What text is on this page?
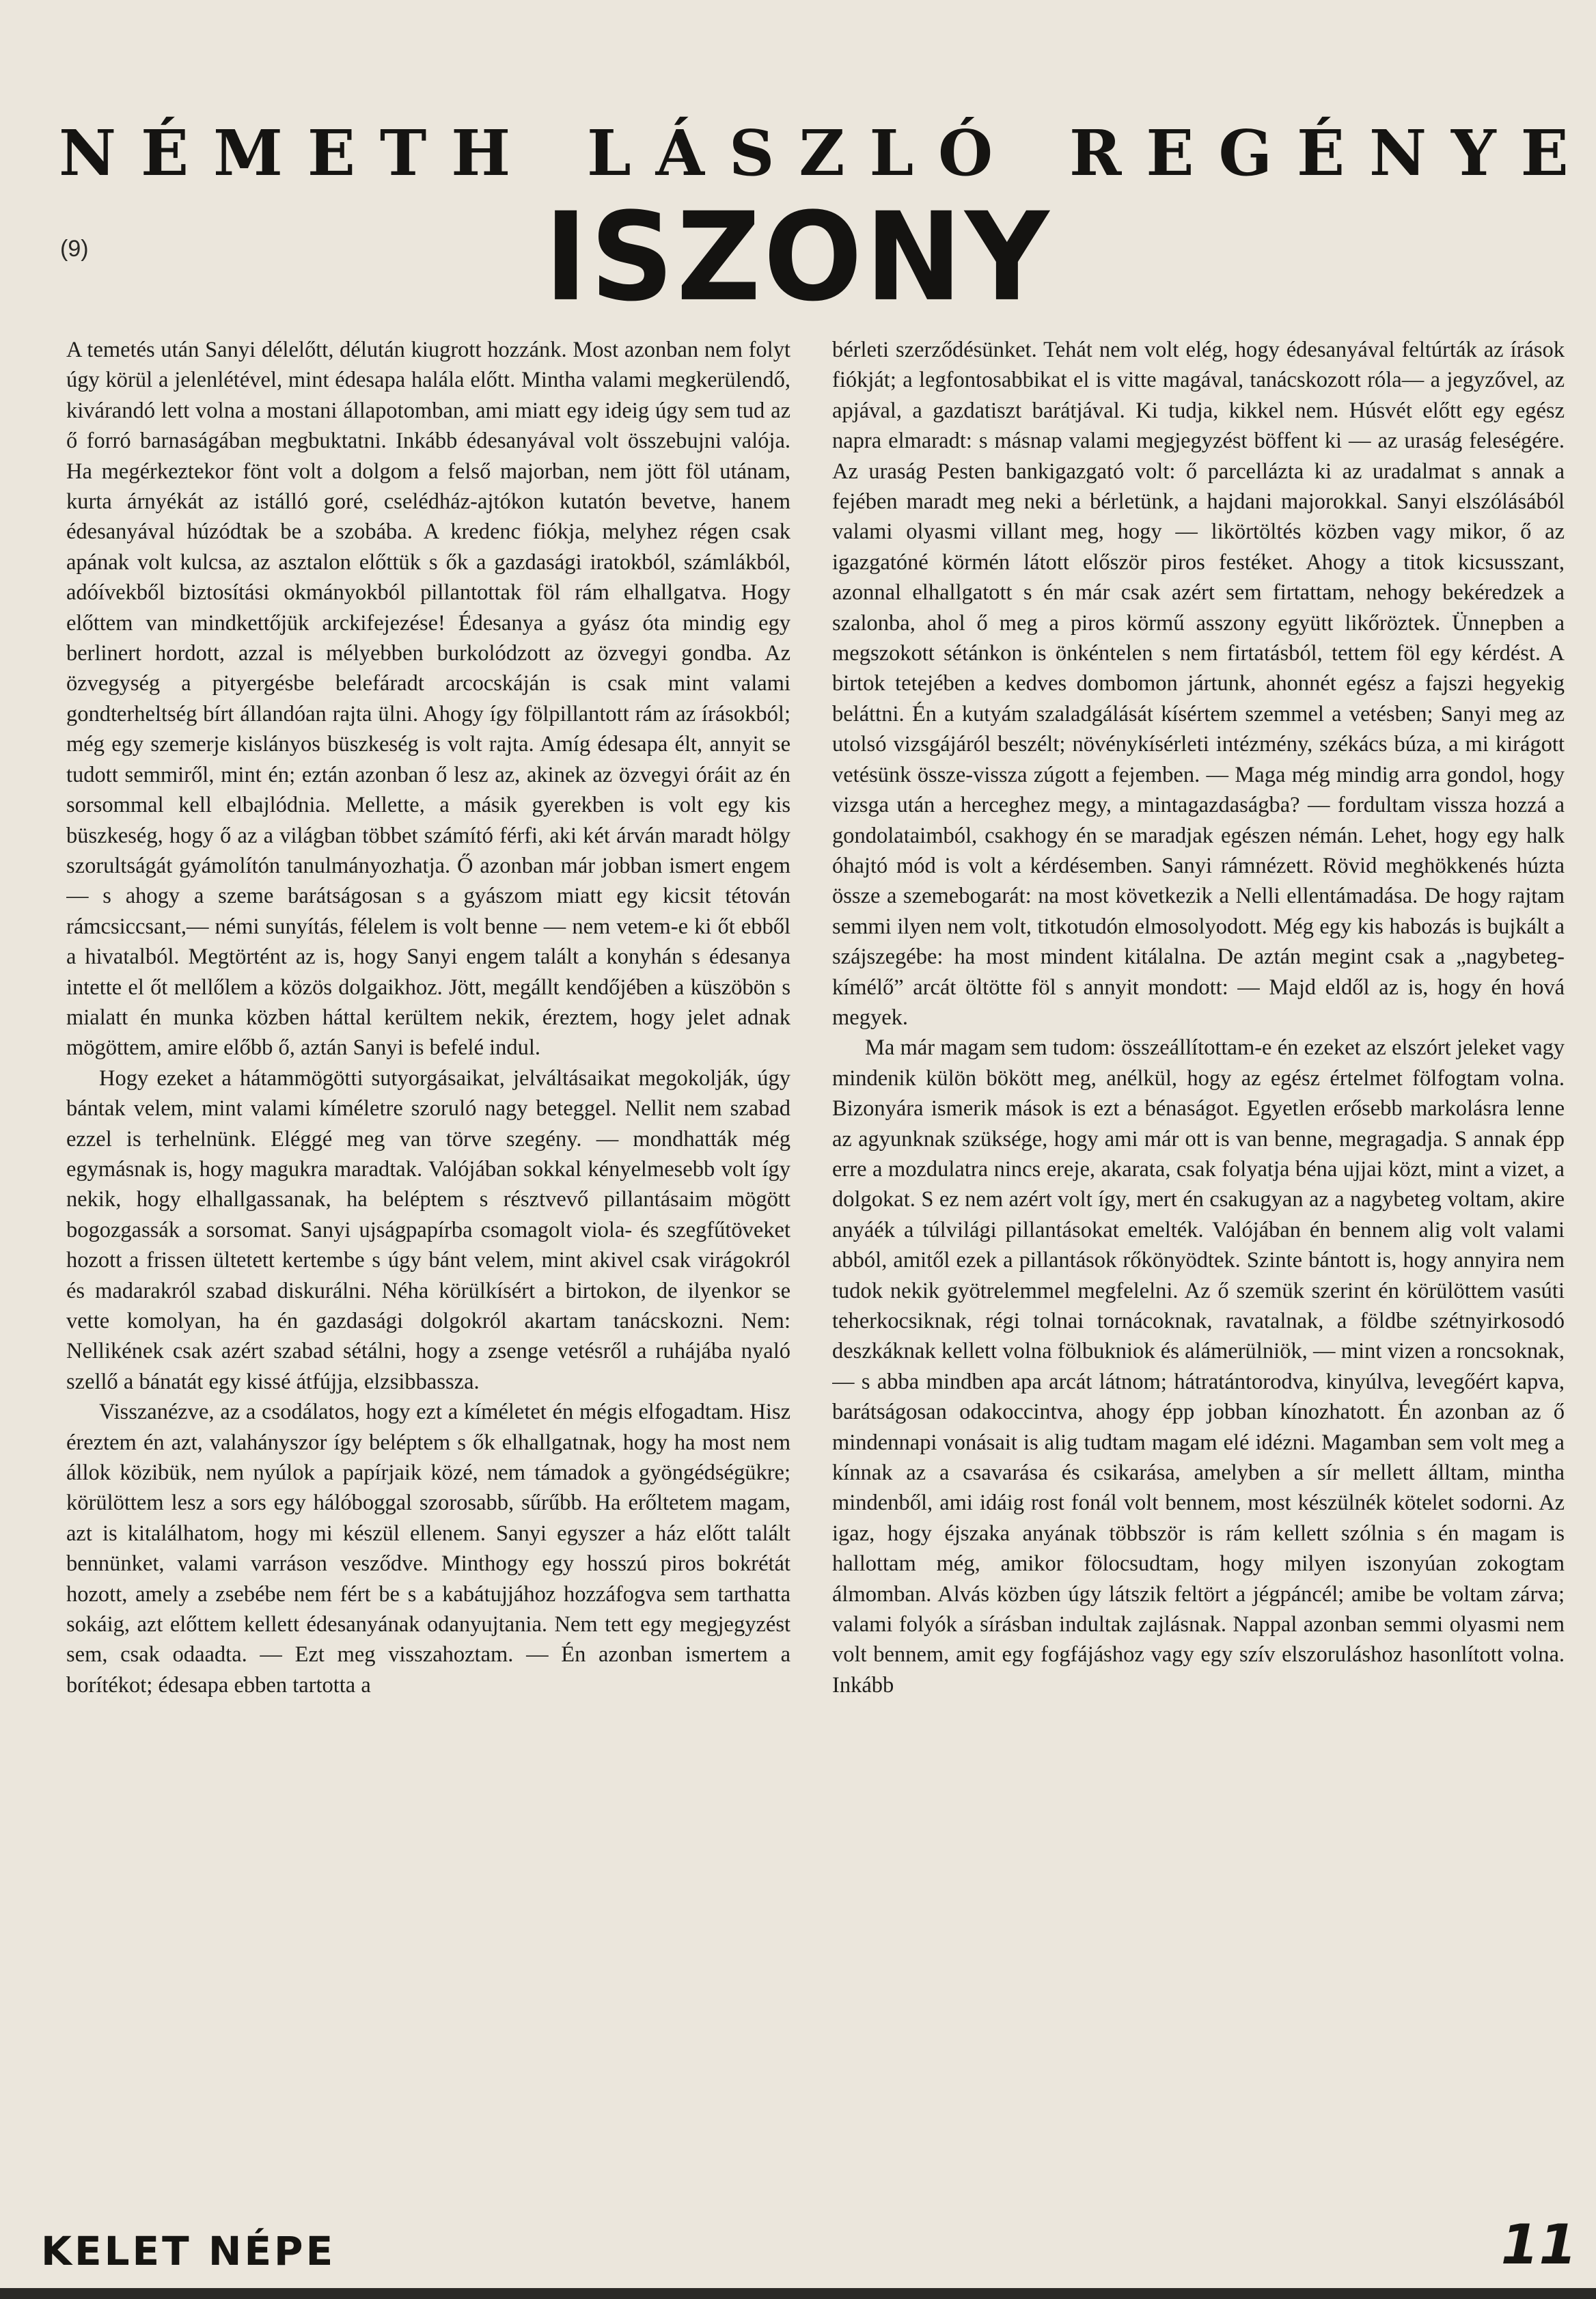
N É M E T H L Á S Z L Ó R E G É N Y E
(9)	ISZONY

A temetés után Sanyi délelőtt, délután kiugrott hozzánk. Most azonban nem folyt úgy körül a jelenlétével, mint édesapa halála előtt. Mintha valami megkerülendő, kivárandó lett volna a mostani állapotomban, ami miatt egy ideig úgy sem tud az ő forró barnaságában megbuktatni. Inkább édesanyával volt összebujni valója. Ha megérkeztekor fönt volt a dolgom a felső majorban, nem jött föl utánam, kurta árnyékát az istálló goré, cselédház-ajtókon kutatón bevetve, hanem édesanyával húzódtak be a szobába. A kredenc fiókja, melyhez régen csak apának volt kulcsa, az asztalon előttük s ők a gazdasági iratokból, számlákból, adóívekből biztosítási okmányokból pillantottak föl rám elhallgatva. Hogy előttem van mindkettőjük arckifejezése! Édesanya a gyász óta mindig egy berlinert hordott, azzal is mélyebben burkolódzott az özvegyi gondba. Az özvegység a pityergésbe belefáradt arcocskáján is csak mint valami gondterheltség bírt állandóan rajta ülni. Ahogy így fölpillantott rám az írásokból; még egy szemerje kislányos büszkeség is volt rajta. Amíg édesapa élt, annyit se tudott semmiről, mint én; eztán azonban ő lesz az, akinek az özvegyi óráit az én sorsommal kell elbajlódnia. Mellette, a másik gyerekben is volt egy kis büszkeség, hogy ő az a világban többet számító férfi, aki két árván maradt hölgy szorultságát gyámolítón tanulmányozhatja. Ő azonban már jobban ismert engem — s ahogy a szeme barátságosan s a gyászom miatt egy kicsit tétován rámcsiccsant,— némi sunyítás, félelem is volt benne — nem vetem-e ki őt ebből a hivatalból. Megtörtént az is, hogy Sanyi engem talált a konyhán s édesanya intette el őt mellőlem a közös dolgaikhoz. Jött, megállt kendőjében a küszöbön s mialatt én munka közben háttal kerültem nekik, éreztem, hogy jelet adnak mögöttem, amire előbb ő, aztán Sanyi is befelé indul.

Hogy ezeket a hátammögötti sutyorgásaikat, jelváltásaikat megokolják, úgy bántak velem, mint valami kíméletre szoruló nagy beteggel. Nellit nem szabad ezzel is terhelnünk. Eléggé meg van törve szegény. — mondhatták még egymásnak is, hogy magukra maradtak. Valójában sokkal kényelmesebb volt így nekik, hogy elhallgassanak, ha beléptem s résztvevő pillantásaim mögött bogozgassák a sorsomat. Sanyi ujságpapírba csomagolt viola- és szegfűtöveket hozott a frissen ültetett kertembe s úgy bánt velem, mint akivel csak virágokról és madarakról szabad diskurálni. Néha körülkísért a birtokon, de ilyenkor se vette komolyan, ha én gazdasági dolgokról akartam tanácskozni. Nem: Nellikének csak azért szabad sétálni, hogy a zsenge vetésről a ruhájába nyaló szellő a bánatát egy kissé átfújja, elzsibbassza.

Visszanézve, az a csodálatos, hogy ezt a kíméletet én mégis elfogadtam. Hisz éreztem én azt, valahányszor így beléptem s ők elhallgatnak, hogy ha most nem állok közibük, nem nyúlok a papírjaik közé, nem támadok a gyöngédségükre; körülöttem lesz a sors egy hálóboggal szorosabb, sűrűbb. Ha erőltetem magam, azt is kitalálhatom, hogy mi készül ellenem. Sanyi egyszer a ház előtt talált bennünket, valami varráson vesződve. Minthogy egy hosszú piros bokrétát hozott, amely a zsebébe nem fért be s a kabátujjához hozzáfogva sem tarthatta sokáig, azt előttem kellett édesanyának odanyujtania. Nem tett egy megjegyzést sem, csak odaadta. — Ezt meg visszahoztam. — Én azonban ismertem a borítékot; édesapa ebben tartotta a

bérleti szerződésünket. Tehát nem volt elég, hogy édesanyával feltúrták az írások fiókját; a legfontosabbikat el is vitte magával, tanácskozott róla— a jegyzővel, az apjával, a gazdatiszt barátjával. Ki tudja, kikkel nem. Húsvét előtt egy egész napra elmaradt: s másnap valami megjegyzést böffent ki — az uraság feleségére. Az uraság Pesten bankigazgató volt: ő parcellázta ki az uradalmat s annak a fejében maradt meg neki a bérletünk, a hajdani majorokkal. Sanyi elszólásából valami olyasmi villant meg, hogy — likörtöltés közben vagy mikor, ő az igazgatóné körmén látott először piros festéket. Ahogy a titok kicsusszant, azonnal elhallgatott s én már csak azért sem firtattam, nehogy bekéredzek a szalonba, ahol ő meg a piros körmű asszony együtt likőröztek. Ünnepben a megszokott sétánkon is önkéntelen s nem firtatásból, tettem föl egy kérdést. A birtok tetejében a kedves dombomon jártunk, ahonnét egész a fajszi hegyekig beláttni. Én a kutyám szaladgálását kísértem szemmel a vetésben; Sanyi meg az utolsó vizsgájáról beszélt; növénykísérleti intézmény, székács búza, a mi kirágott vetésünk össze-vissza zúgott a fejemben. — Maga még mindig arra gondol, hogy vizsga után a herceghez megy, a mintagazdaságba? — fordultam vissza hozzá a gondolataimból, csakhogy én se maradjak egészen némán. Lehet, hogy egy halk óhajtó mód is volt a kérdésemben. Sanyi rámnézett. Rövid meghökkenés húzta össze a szemebogarát: na most következik a Nelli ellentámadása. De hogy rajtam semmi ilyen nem volt, titkotudón elmosolyodott. Még egy kis habozás is bujkált a szájszegébe: ha most mindent kitálalna. De aztán megint csak a „nagybeteg-kímélő” arcát öltötte föl s annyit mondott: — Majd eldől az is, hogy én hová megyek.

Ma már magam sem tudom: összeállítottam-e én ezeket az elszórt jeleket vagy mindenik külön bökött meg, anélkül, hogy az egész értelmet fölfogtam volna. Bizonyára ismerik mások is ezt a bénaságot. Egyetlen erősebb markolásra lenne az agyunknak szüksége, hogy ami már ott is van benne, megragadja. S annak épp erre a mozdulatra nincs ereje, akarata, csak folyatja béna ujjai közt, mint a vizet, a dolgokat. S ez nem azért volt így, mert én csakugyan az a nagybeteg voltam, akire anyáék a túlvilági pillantásokat emelték. Valójában én bennem alig volt valami abból, amitől ezek a pillantások rőkönyödtek. Szinte bántott is, hogy annyira nem tudok nekik gyötrelemmel megfelelni. Az ő szemük szerint én körülöttem vasúti teherkocsiknak, régi tolnai tornácoknak, ravatalnak, a földbe szétnyirkosodó deszkáknak kellett volna fölbukniok és alámerülniök, — mint vizen a roncsoknak, — s abba mindben apa arcát látnom; hátratántorodva, kinyúlva, levegőért kapva, barátságosan odakoccintva, ahogy épp jobban kínozhatott. Én azonban az ő mindennapi vonásait is alig tudtam magam elé idézni. Magamban sem volt meg a kínnak az a csavarása és csikarása, amelyben a sír mellett álltam, mintha mindenből, ami idáig rost fonál volt bennem, most készülnék kötelet sodorni. Az igaz, hogy éjszaka anyának többször is rám kellett szólnia s én magam is hallottam még, amikor fölocsudtam, hogy milyen iszonyúan zokogtam álmomban. Alvás közben úgy látszik feltört a jégpáncél; amibe be voltam zárva; valami folyók a sírásban indultak zajlásnak. Nappal azonban semmi olyasmi nem volt bennem, amit egy fogfájáshoz vagy egy szív elszoruláshoz hasonlított volna. Inkább

KELET NÉPE	11
